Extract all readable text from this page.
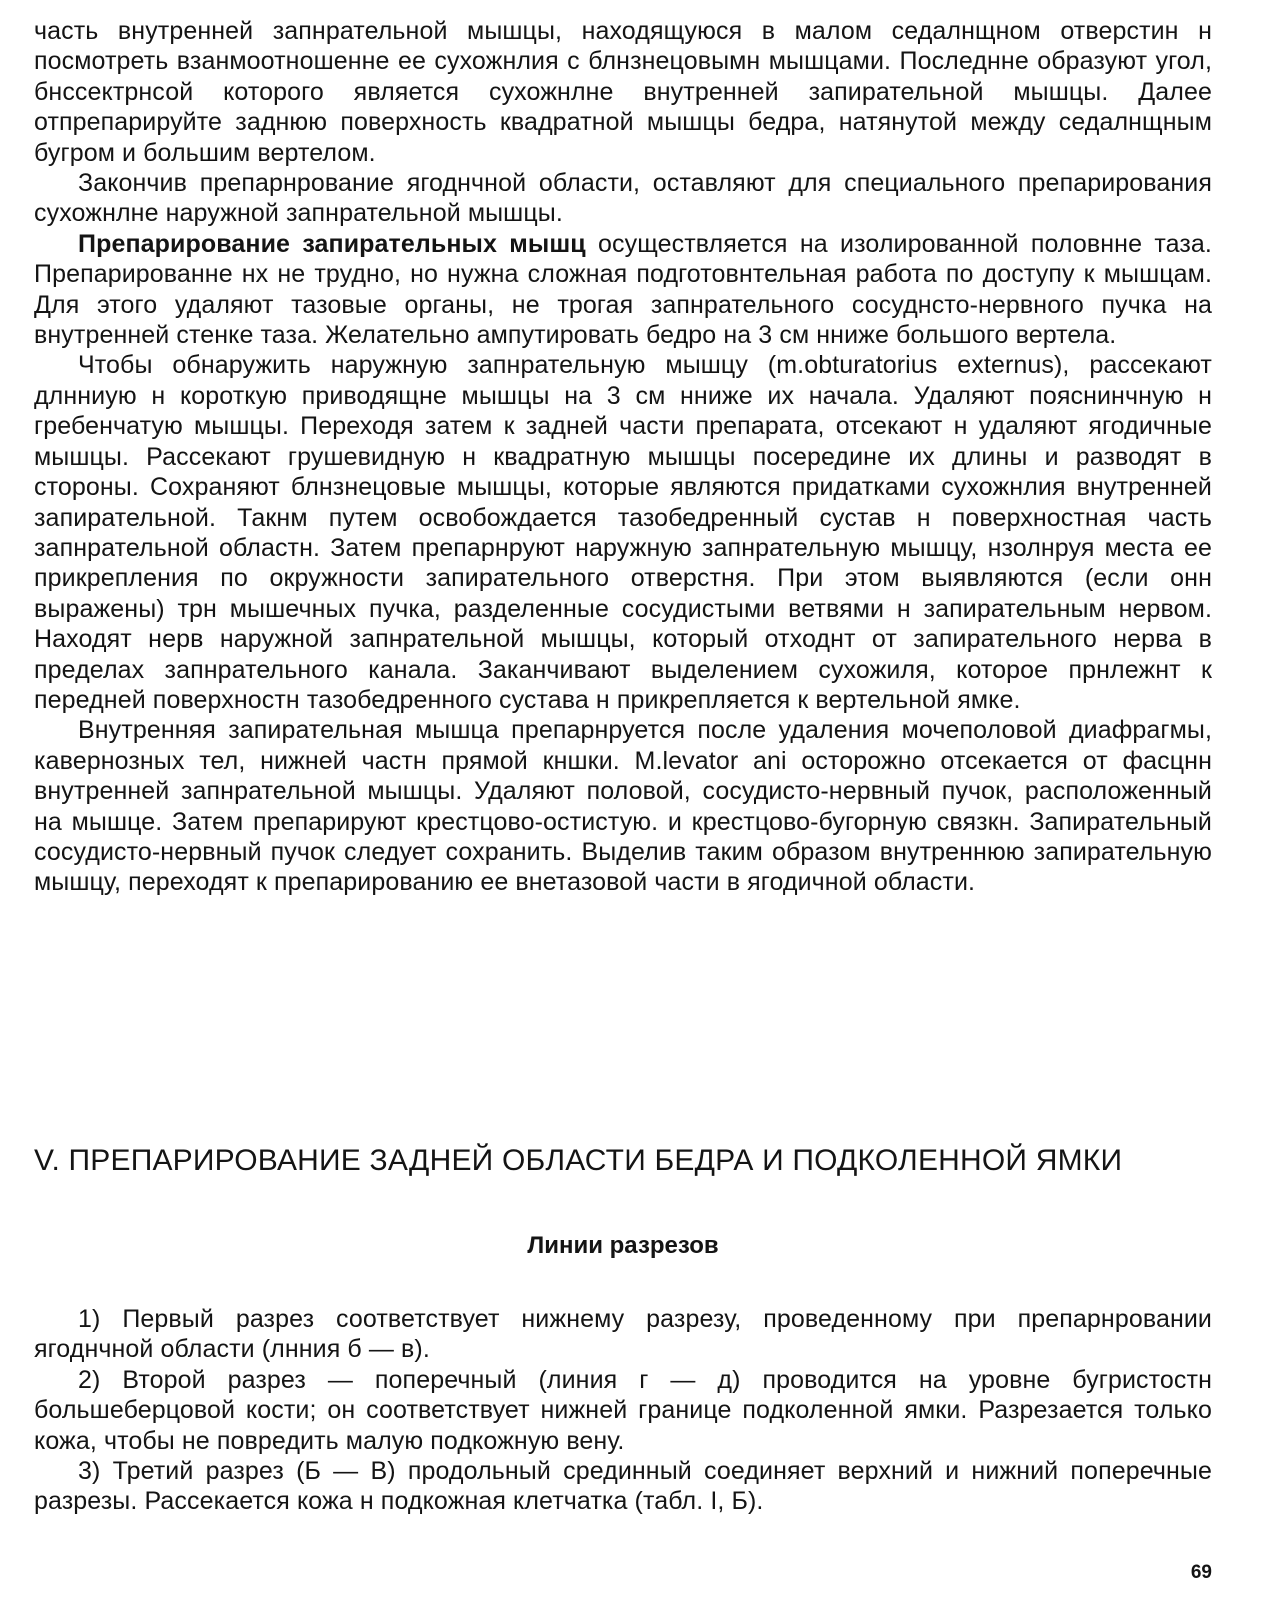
часть внутренней запнрательной мышцы, находящуюся в малом седалнщном отверстин н посмотреть взанмоотношенне ее сухожнлия с блнзнецовымн мышцами. Последнне образуют угол, бнссектрнсой которого является сухожнлне внутренней запирательной мышцы. Далее отпрепарируйте заднюю поверхность квадратной мышцы бедра, натянутой между седалнщным бугром и большим вертелом.

Закончив препарнрование ягоднчной области, оставляют для специального препарирования сухожнлне наружной запнрательной мышцы.

Препарирование запирательных мышц осуществляется на изолированной половнне таза. Препарированне нх не трудно, но нужна сложная подготовнтельная работа по доступу к мышцам. Для этого удаляют тазовые органы, не трогая запнрательного сосуднсто-нервного пучка на внутренней стенке таза. Желательно ампутировать бедро на 3 см нниже большого вертела.

Чтобы обнаружить наружную запнрательную мышцу (m.obturatorius externus), рассекают длнниую н короткую приводящне мышцы на 3 см нниже их начала. Удаляют пояснинчную н гребенчатую мышцы. Переходя затем к задней части препарата, отсекают н удаляют ягодичные мышцы. Рассекают грушевидную н квадратную мышцы посередине их длины и разводят в стороны. Сохраняют блнзнецовые мышцы, которые являются придатками сухожнлия внутренней запирательной. Такнм путем освобождается тазобедренный сустав н поверхностная часть запнрательной областн. Затем препарнруют наружную запнрательную мышцу, нзолнруя места ее прикрепления по окружности запирательного отверстня. При этом выявляются (если онн выражены) трн мышечных пучка, разделенные сосудистыми ветвями н запирательным нервом. Находят нерв наружной запнрательной мышцы, который отходнт от запирательного нерва в пределах запнрательного канала. Заканчивают выделением сухожиля, которое прнлежнт к передней поверхностн тазобедренного сустава н прикрепляется к вертельной ямке.

Внутренняя запирательная мышца препарнруется после удаления мочеполовой диафрагмы, кавернозных тел, нижней частн прямой кншки. M.levator ani осторожно отсекается от фасцнн внутренней запнрательной мышцы. Удаляют половой, сосудисто-нервный пучок, расположенный на мышце. Затем препарируют крестцово-остистую. и крестцово-бугорную связкн. Запирательный сосудисто-нервный пучок следует сохранить. Выделив таким образом внутреннюю запирательную мышцу, переходят к препарированию ее внетазовой части в ягодичной области.

V. ПРЕПАРИРОВАНИЕ ЗАДНЕЙ ОБЛАСТИ БЕДРА И ПОДКОЛЕННОЙ ЯМКИ
Линии разрезов

1) Первый разрез соответствует нижнему разрезу, проведенному при препарнровании ягоднчной области (лнния б — в).

2) Второй разрез — поперечный (линия г — д) проводится на уровне бугристостн большеберцовой кости; он соответствует нижней границе подколенной ямки. Разрезается только кожа, чтобы не повредить малую подкожную вену.

3) Третий разрез (Б — В) продольный срединный соединяет верхний и нижний поперечные разрезы. Рассекается кожа н подкожная клетчатка (табл. I, Б).

69
